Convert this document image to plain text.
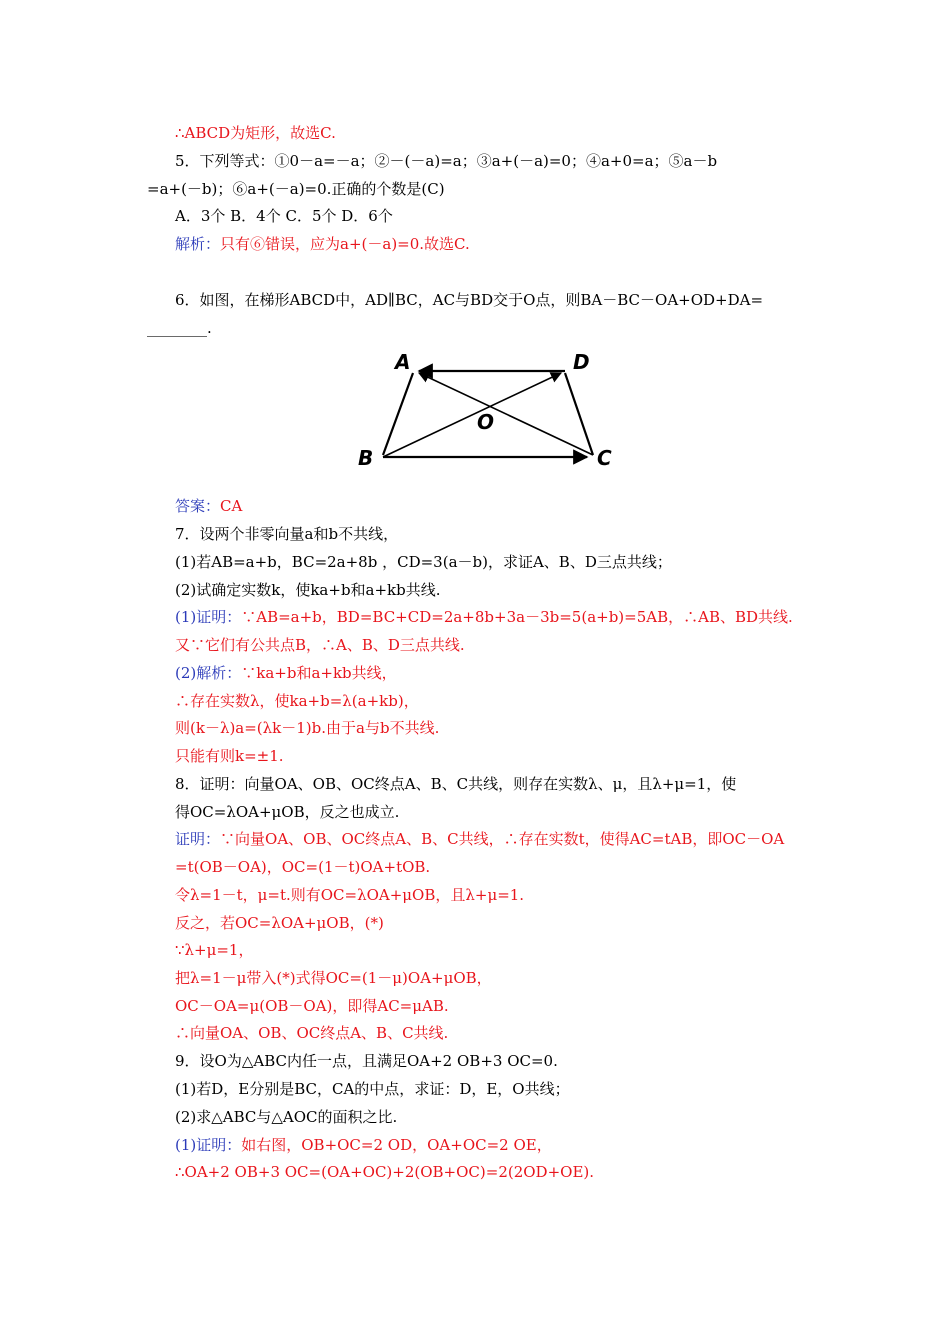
∴ABCD为矩形，故选C.
5．下列等式：①0－a=－a；②－(－a)=a；③a+(－a)=0；④a+0=a；⑤a－b
=a+(－b)；⑥a+(－a)=0.正确的个数是(C)
A．3个 B．4个 C．5个 D．6个
解析：只有⑥错误，应为a+(－a)=0.故选C.
6．如图，在梯形ABCD中，AD∥BC，AC与BD交于O点，则BA－BC－OA+OD+DA=
________.
A	D
O
B	C
答案：CA
7．设两个非零向量a和b不共线，
(1)若AB=a+b，BC=2a+8b ，CD=3(a－b)，求证A、B、D三点共线；
(2)试确定实数k，使ka+b和a+kb共线.
(1)证明：∵AB=a+b，BD=BC+CD=2a+8b+3a－3b=5(a+b)=5AB，∴AB、BD共线.
又∵它们有公共点B，∴A、B、D三点共线.
(2)解析：∵ka+b和a+kb共线，
∴存在实数λ，使ka+b=λ(a+kb)，
则(k－λ)a=(λk－1)b.由于a与b不共线.
只能有则k=±1.
8．证明：向量OA、OB、OC终点A、B、C共线，则存在实数λ、μ，且λ+μ=1，使
得OC=λOA+μOB，反之也成立.
证明：∵向量OA、OB、OC终点A、B、C共线，∴存在实数t，使得AC=tAB，即OC－OA
=t(OB－OA)，OC=(1－t)OA+tOB.
令λ=1－t，μ=t.则有OC=λOA+μOB，且λ+μ=1.
反之，若OC=λOA+μOB，(*)
∵λ+μ=1，
把λ=1－μ带入(*)式得OC=(1－μ)OA+μOB，
OC－OA=μ(OB－OA)，即得AC=μAB.
∴向量OA、OB、OC终点A、B、C共线.
9．设O为△ABC内任一点，且满足OA+2 OB+3 OC=0.
(1)若D，E分别是BC，CA的中点，求证：D，E，O共线；
(2)求△ABC与△AOC的面积之比.
(1)证明：如右图，OB+OC=2 OD，OA+OC=2 OE，
∴OA+2 OB+3 OC=(OA+OC)+2(OB+OC)=2(2OD+OE).
